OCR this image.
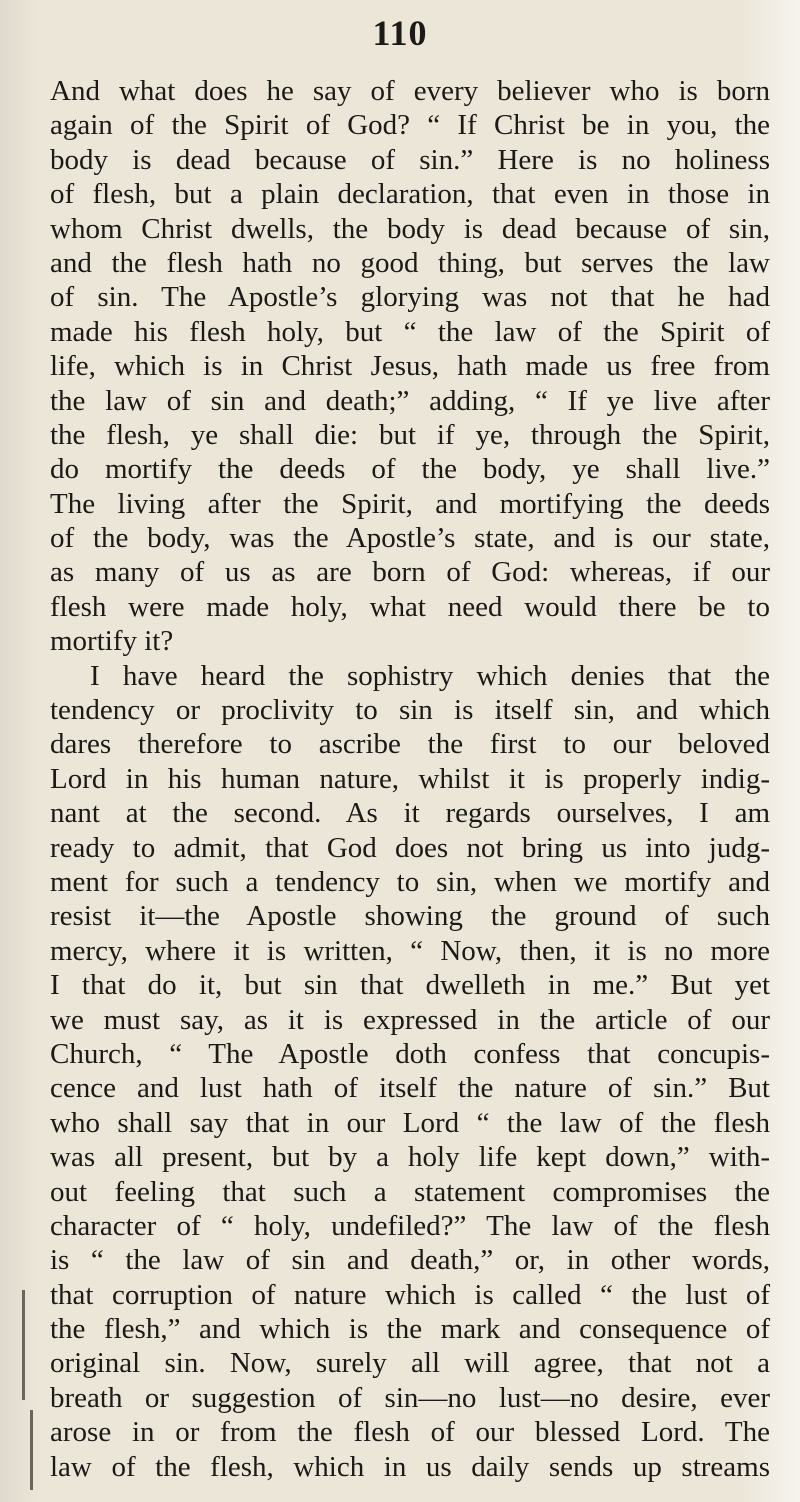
110
And what does he say of every believer who is born
again of the Spirit of God? “ If Christ be in you, the
body is dead because of sin.” Here is no holiness
of flesh, but a plain declaration, that even in those in
whom Christ dwells, the body is dead because of sin,
and the flesh hath no good thing, but serves the law
of sin. The Apostle’s glorying was not that he had
made his flesh holy, but “ the law of the Spirit of
life, which is in Christ Jesus, hath made us free from
the law of sin and death;” adding, “ If ye live after
the flesh, ye shall die: but if ye, through the Spirit,
do mortify the deeds of the body, ye shall live.”
The living after the Spirit, and mortifying the deeds
of the body, was the Apostle’s state, and is our state,
as many of us as are born of God: whereas, if our
flesh were made holy, what need would there be to
mortify it?
I have heard the sophistry which denies that the
tendency or proclivity to sin is itself sin, and which
dares therefore to ascribe the first to our beloved
Lord in his human nature, whilst it is properly indig-
nant at the second. As it regards ourselves, I am
ready to admit, that God does not bring us into judg-
ment for such a tendency to sin, when we mortify and
resist it—the Apostle showing the ground of such
mercy, where it is written, “ Now, then, it is no more
I that do it, but sin that dwelleth in me.” But yet
we must say, as it is expressed in the article of our
Church, “ The Apostle doth confess that concupis-
cence and lust hath of itself the nature of sin.” But
who shall say that in our Lord “ the law of the flesh
was all present, but by a holy life kept down,” with-
out feeling that such a statement compromises the
character of “ holy, undefiled?” The law of the flesh
is “ the law of sin and death,” or, in other words,
that corruption of nature which is called “ the lust of
the flesh,” and which is the mark and consequence of
original sin. Now, surely all will agree, that not a
breath or suggestion of sin—no lust—no desire, ever
arose in or from the flesh of our blessed Lord. The
law of the flesh, which in us daily sends up streams
